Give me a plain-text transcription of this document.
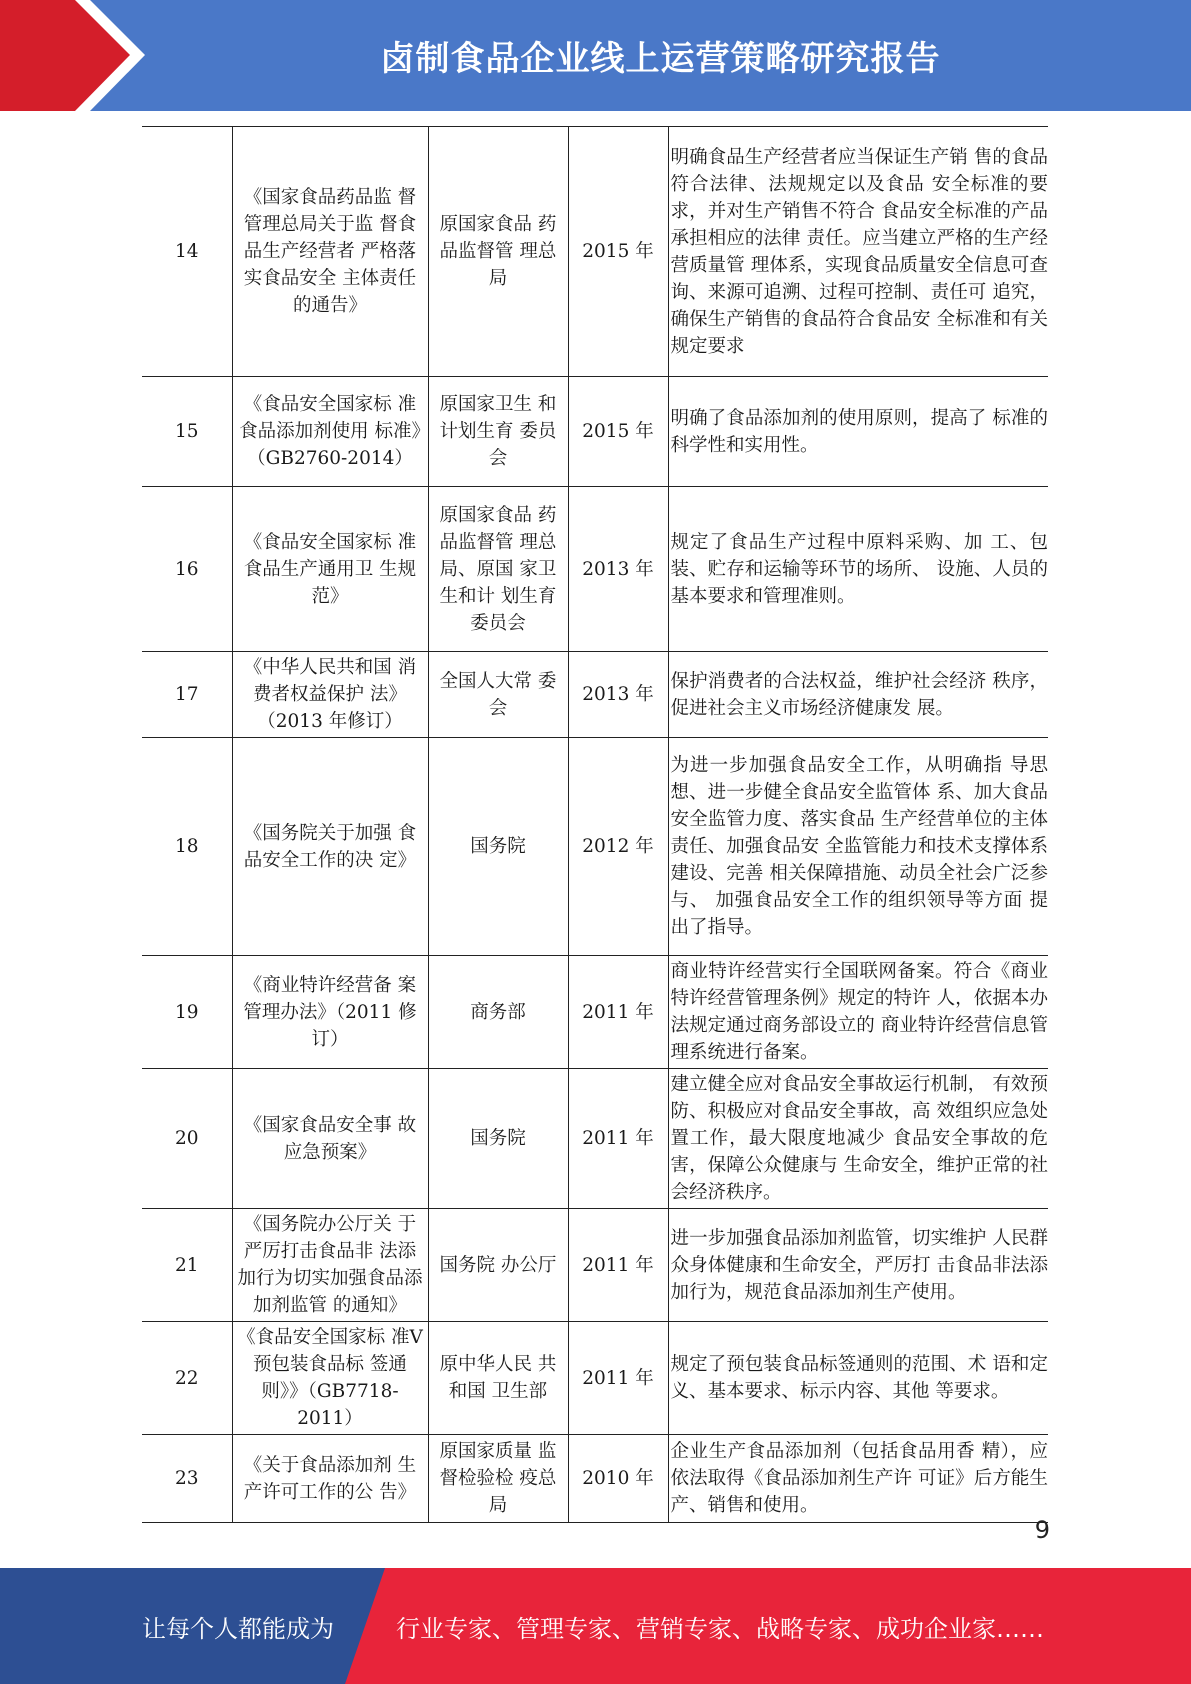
卤制食品企业线上运营策略研究报告
14	《国家食品药品监 督管理总局关于监 督食品生产经营者 严格落实食品安全 主体责任的通告》	原国家食品 药品监督管 理总局	2015 年	明确食品生产经营者应当保证生产销 售的食品符合法律、法规规定以及食品 安全标准的要求，并对生产销售不符合 食品安全标准的产品承担相应的法律 责任。应当建立严格的生产经营质量管 理体系，实现食品质量安全信息可查 询、来源可追溯、过程可控制、责任可 追究，确保生产销售的食品符合食品安 全标准和有关规定要求
15	《食品安全国家标 准 食品添加剂使用 标准》（GB2760-2014）	原国家卫生 和计划生育 委员会	2015 年	明确了食品添加剂的使用原则，提高了 标准的科学性和实用性。
16	《食品安全国家标 准 食品生产通用卫 生规范》	原国家食品 药品监督管 理总局、原国 家卫生和计 划生育委员会	2013 年	规定了食品生产过程中原料采购、加 工、包装、贮存和运输等环节的场所、 设施、人员的基本要求和管理准则。
17	《中华人民共和国 消费者权益保护 法》（2013 年修订）	全国人大常 委会	2013 年	保护消费者的合法权益，维护社会经济 秩序，促进社会主义市场经济健康发 展。
18	《国务院关于加强 食品安全工作的决 定》	国务院	2012 年	为进一步加强食品安全工作，从明确指 导思想、进一步健全食品安全监管体 系、加大食品安全监管力度、落实食品 生产经营单位的主体责任、加强食品安 全监管能力和技术支撑体系建设、完善 相关保障措施、动员全社会广泛参与、 加强食品安全工作的组织领导等方面 提出了指导。
19	《商业特许经营备 案管理办法》（2011 修订）	商务部	2011 年	商业特许经营实行全国联网备案。符合《商业特许经营管理条例》规定的特许 人，依据本办法规定通过商务部设立的 商业特许经营信息管理系统进行备案。
20	《国家食品安全事 故应急预案》	国务院	2011 年	建立健全应对食品安全事故运行机制， 有效预防、积极应对食品安全事故，高 效组织应急处置工作，最大限度地减少 食品安全事故的危害，保障公众健康与 生命安全，维护正常的社会经济秩序。
21	《国务院办公厅关 于严厉打击食品非 法添加行为切实加强食品添加剂监管 的通知》	国务院 办公厅	2011 年	进一步加强食品添加剂监管，切实维护 人民群众身体健康和生命安全，严厉打 击食品非法添加行为，规范食品添加剂生产使用。
22	《食品安全国家标 准Ⅴ预包装食品标 签通则》》（GB7718-2011）	原中华人民 共和国 卫生部	2011 年	规定了预包装食品标签通则的范围、术 语和定义、基本要求、标示内容、其他 等要求。
23	《关于食品添加剂 生产许可工作的公 告》	原国家质量 监督检验检 疫总局	2010 年	企业生产食品添加剂（包括食品用香 精），应依法取得《食品添加剂生产许 可证》后方能生产、销售和使用。
9
让每个人都能成为	行业专家、管理专家、营销专家、战略专家、成功企业家……
